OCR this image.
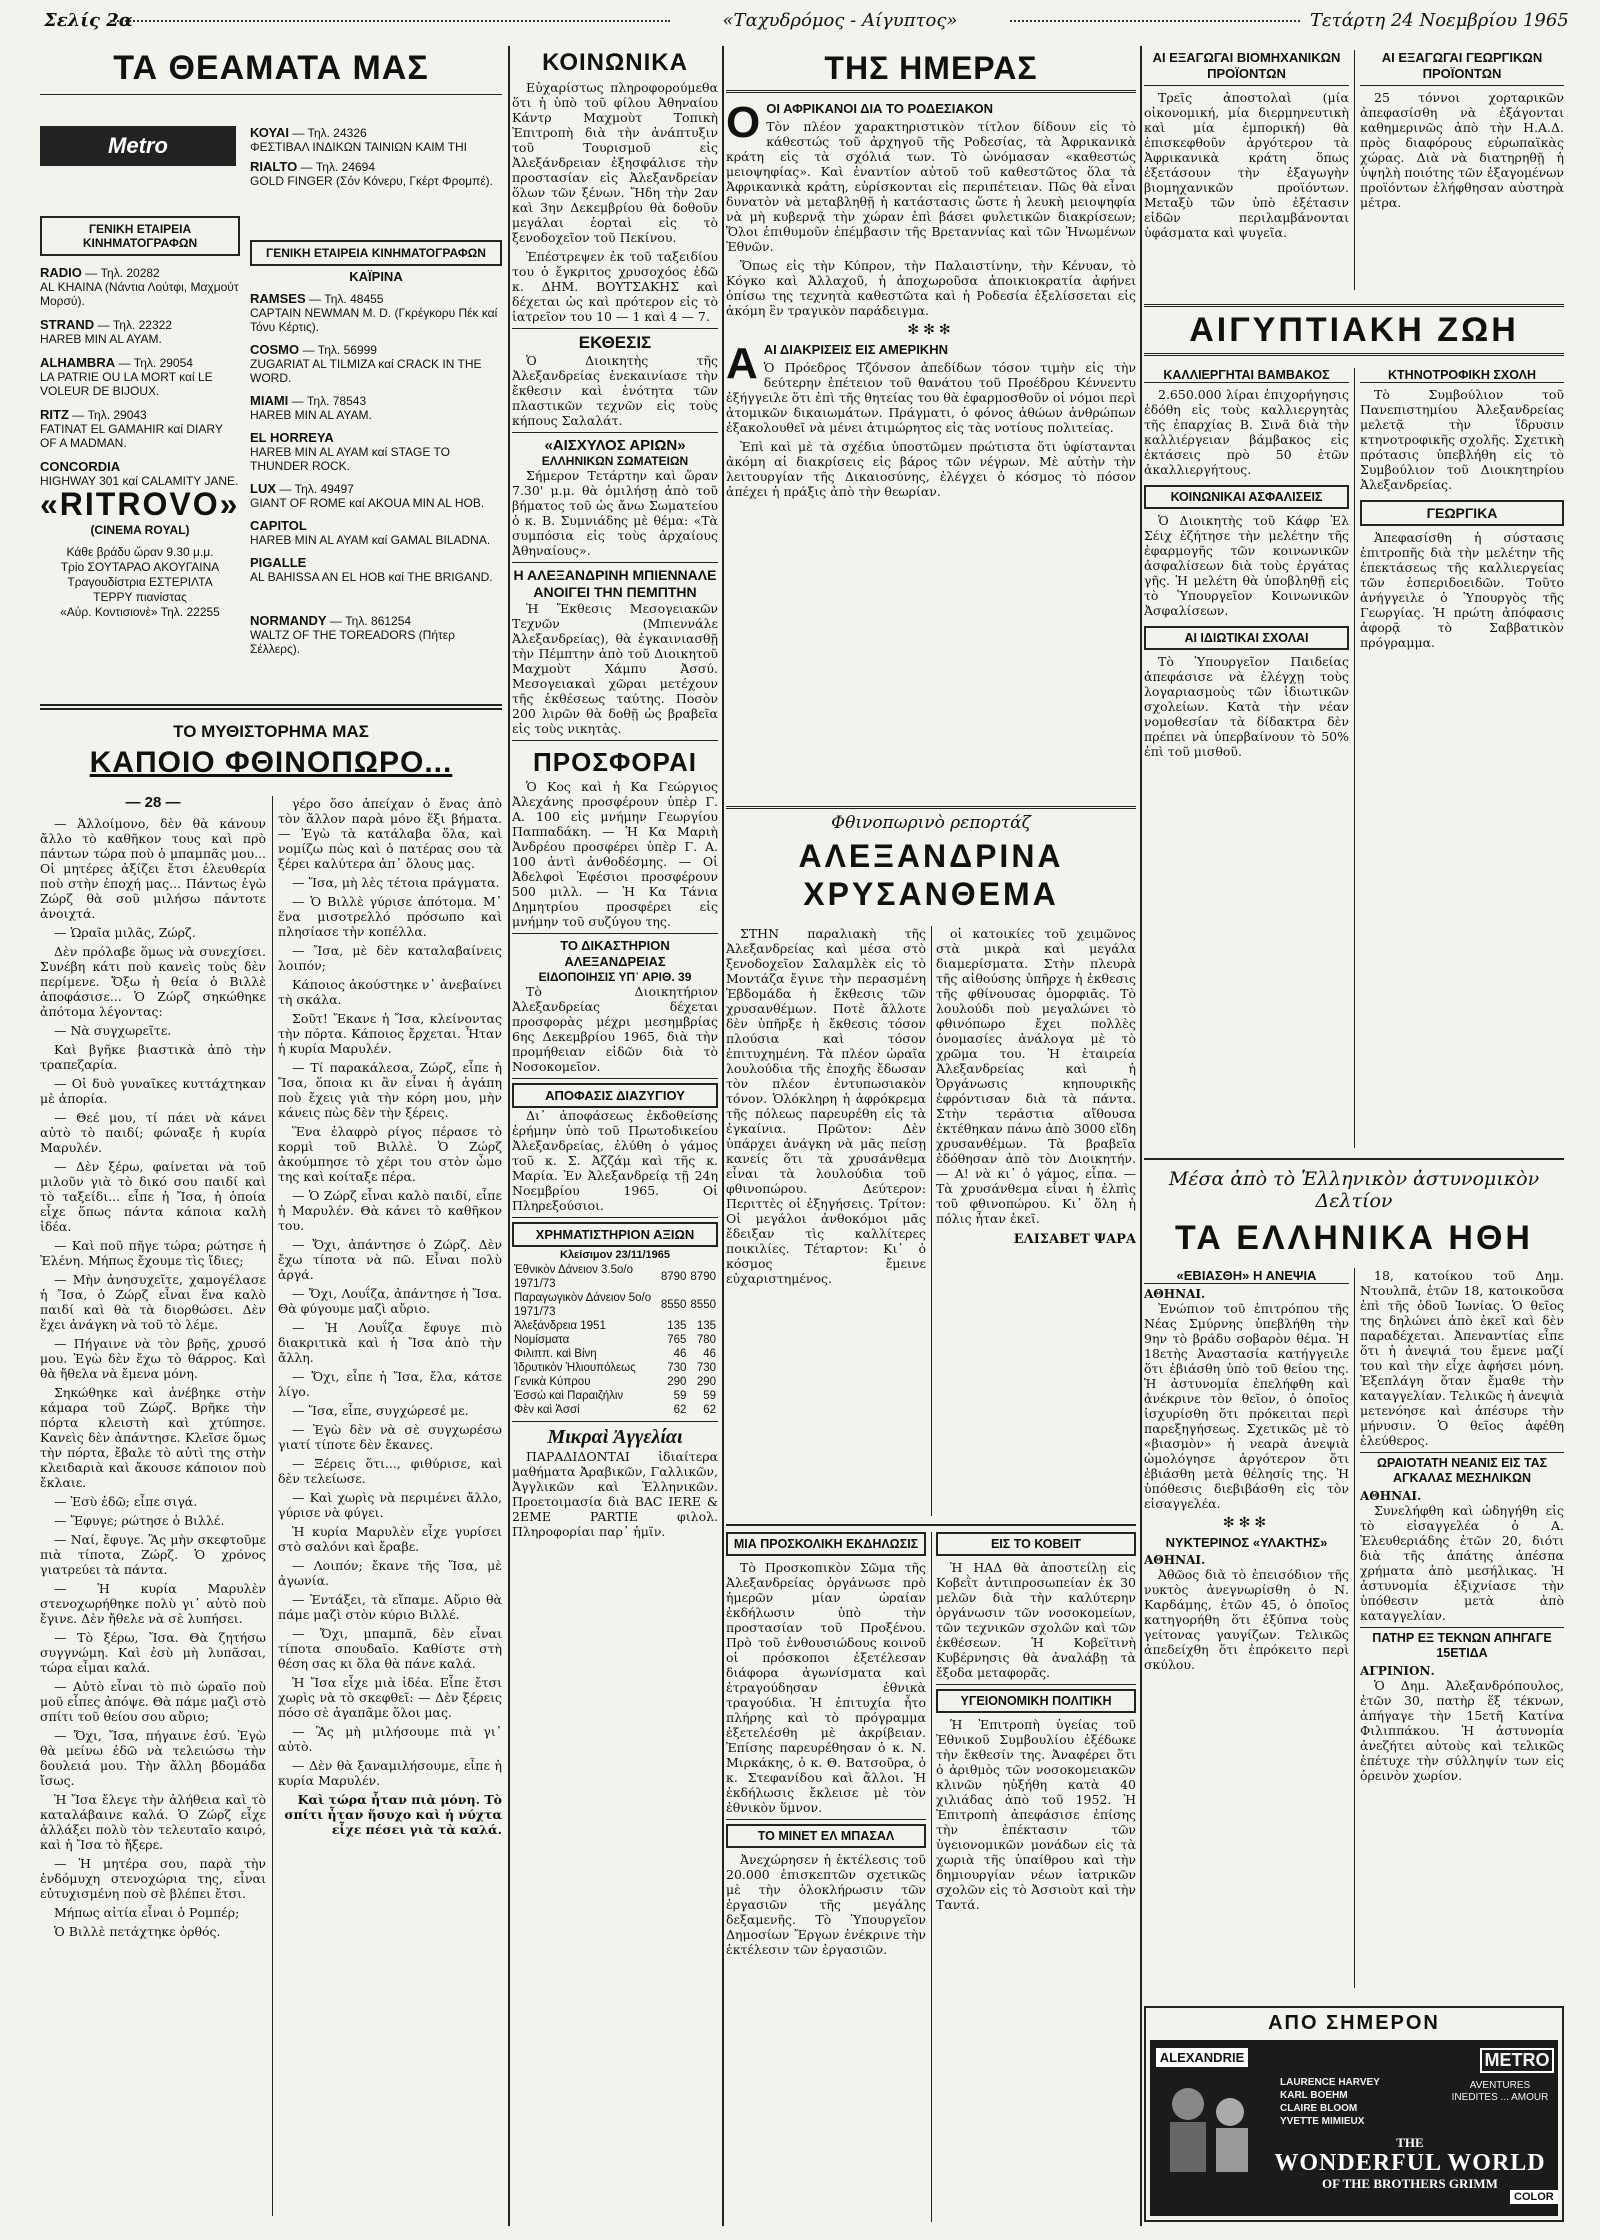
Σελίς 2α	«Ταχυδρόμος - Αίγυπτος»	Τετάρτη 24 Νοεμβρίου 1965
ΤΑ ΘΕΑΜΑΤΑ ΜΑΣ
Metro
ΚΟΥΑΙ — Τηλ. 24326
ΦΕΣΤΙΒΑΛ ΙΝΔΙΚΩΝ ΤΑΙΝΙΩΝ ΚΑΙΜ ΤΗΙ
RIALTO — Τηλ. 24694
GOLD FINGER (Σόν Κόνερυ, Γκέρτ Φρομπέ).
ΓΕΝΙΚΗ ΕΤΑΙΡΕΙΑ ΚΙΝΗΜΑΤΟΓΡΑΦΩΝ
RADIO — Τηλ. 20282
AL KHAINA (Νάντια Λούτφι, Μαχμούτ Μορσύ).
STRAND — Τηλ. 22322
HAREB MIN AL AYAM.
ALHAMBRA — Τηλ. 29054
LA PATRIE OU LA MORT καί LE VOLEUR DE BIJOUX.
RITZ — Τηλ. 29043
FATINAT EL GAMAHIR καί DIARY OF A MADMAN.
CONCORDIA
HIGHWAY 301 καί CALAMITY JANE.
ΓΕΝΙΚΗ ΕΤΑΙΡΕΙΑ ΚΙΝΗΜΑΤΟΓΡΑΦΩΝ
ΚΑΪΡΙΝΑ
RAMSES — Τηλ. 48455
CAPTAIN NEWMAN M. D. (Γκρέγκορυ Πέκ καί Τόνυ Κέρτις).
COSMO — Τηλ. 56999
ZUGARIAT AL TILMIZA καί CRACK IN THE WORD.
MIAMI — Τηλ. 78543
HAREB MIN AL AYAM.
EL HORREYA
HAREB MIN AL AYAM καί STAGE TO THUNDER ROCK.
LUX — Τηλ. 49497
GIANT OF ROME καί AKOUA MIN AL HOB.
CAPITOL
HAREB MIN AL AYAM καί GAMAL BILADNA.
PIGALLE
AL BAHISSA AN EL HOB καί THE BRIGAND.
NORMANDY — Τηλ. 861254
WALTZ OF THE TOREADORS (Πήτερ Σέλλερς).
«RITROVO»
(CINEMA ROYAL)
Κάθε βράδυ ὥραν 9.30 μ.μ.
Τρίο ΣΟΥΤΑΡΑΟ ΑΚΟΥΓΑΙΝΑ
Τραγουδίστρια ΕΣΤΕΡΙΛΤΑ
ΤΕΡΡΥ πιανίστας
«Αὐρ. Κοντισιονὲ» Τηλ. 22255
ΤΟ ΜΥΘΙΣΤΟΡΗΜΑ ΜΑΣ
ΚΑΠΟΙΟ ΦΘΙΝΟΠΩΡΟ...
— 28 —

— Ἀλλοίμονο, δὲν θὰ κάνουν ἄλλο τὸ καθῆκον τους καὶ πρὸ πάντων τώρα ποὺ ὁ μπαμπᾶς μου... Οἱ μητέρες ἀξίζει ἔτσι ἐλευθερία ποὺ στὴν ἐποχή μας... Πάντως ἐγὼ Ζώρζ θὰ σοῦ μιλήσω πάντοτε ἀνοιχτά.

— Ὡραῖα μιλᾶς, Ζώρζ.

Δὲν πρόλαβε ὅμως νὰ συνεχίσει. Συνέβη κάτι ποὺ κανεὶς τοὺς δὲν περίμενε. Ὄξω ἡ θεία ὁ Βιλλὲ ἀποφάσισε... Ὁ Ζώρζ σηκώθηκε ἀπότομα λέγοντας:

— Νὰ συγχωρεῖτε.

Καὶ βγῆκε βιαστικὰ ἀπὸ τὴν τραπεζαρία.

— Οἱ δυὸ γυναῖκες κυττάχτηκαν μὲ ἀπορία.

— Θεέ μου, τί πάει νὰ κάνει αὐτὸ τὸ παιδί; φώναξε ἡ κυρία Μαρυλέν.

— Δὲν ξέρω, φαίνεται νὰ τοῦ μιλοῦν γιὰ τὸ δικό σου παιδί καὶ τὸ ταξείδι... εἶπε ἡ Ἴσα, ἡ ὁποία εἶχε ὅπως πάντα κάποια καλὴ ἰδέα.

— Καὶ ποῦ πῆγε τώρα; ρώτησε ἡ Ἐλένη. Μήπως ἔχουμε τὶς ἴδιες;

— Μὴν ἀνησυχεῖτε, χαμογέλασε ἡ Ἴσα, ὁ Ζώρζ εἶναι ἕνα καλὸ παιδί καὶ θὰ τὰ διορθώσει. Δὲν ἔχει ἀνάγκη νὰ τοῦ τὸ λέμε.

— Πήγαινε νὰ τὸν βρῆς, χρυσό μου. Ἐγὼ δὲν ἔχω τὸ θάρρος. Καὶ θὰ ἤθελα νὰ ἔμενα μόνη.

Σηκώθηκε καὶ ἀνέβηκε στὴν κάμαρα τοῦ Ζώρζ. Βρῆκε τὴν πόρτα κλειστὴ καὶ χτύπησε. Κανεὶς δὲν ἀπάντησε. Κλεῖσε ὅμως τὴν πόρτα, ἔβαλε τὸ αὐτὶ της στὴν κλειδαριὰ καὶ ἄκουσε κάποιον ποὺ ἔκλαιε.

— Ἐσὺ ἐδῶ; εἶπε σιγά.

— Ἔφυγε; ρώτησε ὁ Βιλλέ.

— Ναί, ἔφυγε. Ἂς μὴν σκεφτοῦμε πιὰ τίποτα, Ζώρζ. Ὁ χρόνος γιατρεύει τὰ πάντα.

— Ἡ κυρία Μαρυλὲν στενοχωρήθηκε πολὺ γι᾿ αὐτὸ ποὺ ἔγινε. Δὲν ἤθελε νὰ σὲ λυπήσει.

— Τὸ ξέρω, Ἴσα. Θὰ ζητήσω συγγνώμη. Καὶ ἐσὺ μὴ λυπᾶσαι, τώρα εἶμαι καλά.

— Αὐτὸ εἶναι τὸ πιὸ ὡραῖο ποὺ μοῦ εἶπες ἀπόψε. Θὰ πάμε μαζὶ στὸ σπίτι τοῦ θείου σου αὔριο;

— Ὄχι, Ἴσα, πήγαινε ἐσύ. Ἐγὼ θὰ μείνω ἐδῶ νὰ τελειώσω τὴν δουλειά μου. Τὴν ἄλλη βδομάδα ἴσως.

Ἡ Ἴσα ἔλεγε τὴν ἀλήθεια καὶ τὸ καταλάβαινε καλά. Ὁ Ζώρζ εἶχε ἀλλάξει πολὺ τὸν τελευταῖο καιρό, καὶ ἡ Ἴσα τὸ ἤξερε.

— Ἡ μητέρα σου, παρὰ τὴν ἐνδόμυχη στενοχώρια της, εἶναι εὐτυχισμένη ποὺ σὲ βλέπει ἔτσι.

Μήπως αἰτία εἶναι ὁ Ρομπέρ;

Ὁ Βιλλὲ πετάχτηκε ὀρθός.

γέρο ὅσο ἀπείχαν ὁ ἕνας ἀπὸ τὸν ἄλλον παρὰ μόνο ἕξι βήματα. — Ἐγὼ τὰ κατάλαβα ὅλα, καὶ νομίζω πὼς καὶ ὁ πατέρας σου τὰ ξέρει καλύτερα ἀπ᾿ ὅλους μας.

— Ἴσα, μὴ λὲς τέτοια πράγματα.

— Ὁ Βιλλὲ γύρισε ἀπότομα. Μ᾿ ἕνα μισοτρελλό πρόσωπο καὶ πλησίασε τὴν κοπέλλα.

— Ἴσα, μὲ δὲν καταλαβαίνεις λοιπόν;

Κάποιος ἀκούστηκε ν᾿ ἀνεβαίνει τὴ σκάλα.

Σοῦτ! Ἔκανε ἡ Ἴσα, κλείνοντας τὴν πόρτα. Κάποιος ἔρχεται. Ἦταν ἡ κυρία Μαρυλέν.

— Τί παρακάλεσα, Ζώρζ, εἶπε ἡ Ἴσα, ὅποια κι ἂν εἶναι ἡ ἀγάπη ποὺ ἔχεις γιὰ τὴν κόρη μου, μὴν κάνεις πὼς δὲν τὴν ξέρεις.

Ἕνα ἐλαφρὸ ρίγος πέρασε τὸ κορμὶ τοῦ Βιλλὲ. Ὁ Ζώρζ ἀκούμπησε τὸ χέρι του στὸν ὦμο της καὶ κοίταξε πέρα.

— Ὁ Ζώρζ εἶναι καλὸ παιδί, εἶπε ἡ Μαρυλέν. Θὰ κάνει τὸ καθῆκον του.

— Ὄχι, ἀπάντησε ὁ Ζώρζ. Δὲν ἔχω τίποτα νὰ πῶ. Εἶναι πολὺ ἀργά.

— Ὄχι, Λουΐζα, ἀπάντησε ἡ Ἴσα. Θὰ φύγουμε μαζὶ αὔριο.

— Ἡ Λουΐζα ἔφυγε πιὸ διακριτικὰ καὶ ἡ Ἴσα ἀπὸ τὴν ἄλλη.

— Ὄχι, εἶπε ἡ Ἴσα, ἔλα, κάτσε λίγο.

— Ἴσα, εἶπε, συγχώρεσέ με.

— Ἐγὼ δὲν νὰ σὲ συγχωρέσω γιατί τίποτε δὲν ἔκανες.

— Ξέρεις ὅτι..., φιθύρισε, καὶ δὲν τελείωσε.

— Καὶ χωρὶς νὰ περιμένει ἄλλο, γύρισε νὰ φύγει.

Ἡ κυρία Μαρυλὲν εἶχε γυρίσει στὸ σαλόνι καὶ ἔραβε.

— Λοιπόν; ἔκανε τῆς Ἴσα, μὲ ἀγωνία.

— Ἐντάξει, τὰ εἴπαμε. Αὔριο θὰ πάμε μαζὶ στὸν κύριο Βιλλέ.

— Ὄχι, μπαμπᾶ, δὲν εἶναι τίποτα σπουδαῖο. Καθίστε στὴ θέση σας κι ὅλα θὰ πάνε καλά.

Ἡ Ἴσα εἶχε μιὰ ἰδέα. Εἶπε ἔτσι χωρὶς νὰ τὸ σκεφθεῖ: — Δὲν ξέρεις πόσο σὲ ἀγαπᾶμε ὅλοι μας.

— Ἂς μὴ μιλήσουμε πιὰ γι᾿ αὐτὸ.

— Δὲν θὰ ξαναμιλήσουμε, εἶπε ἡ κυρία Μαρυλέν.

Καὶ τώρα ἦταν πιὰ μόνη. Τὸ σπίτι ἦταν ἥσυχο καὶ ἡ νύχτα εἶχε πέσει γιὰ τὰ καλά.

ΚΟΙΝΩΝΙΚΑ

Εὐχαρίστως πληροφορούμεθα ὅτι ἡ ὑπὸ τοῦ φίλου Ἀθηναίου Κάντρ Μαχμοὺτ Τοπικὴ Ἐπιτροπὴ διὰ τὴν ἀνάπτυξιν τοῦ Τουρισμοῦ εἰς Ἀλεξάνδρειαν ἐξησφάλισε τὴν προστασίαν εἰς Ἀλεξανδρείαν ὅλων τῶν ξένων. Ἤδη τὴν 2αν καὶ 3ην Δεκεμβρίου θὰ δοθοῦν μεγάλαι ἐορταὶ εἰς τὸ ξενοδοχεῖον τοῦ Πεκίνου.

Ἐπέστρεψεν ἐκ τοῦ ταξειδίου του ὁ ἔγκριτος χρυσοχόος ἐδῶ κ. ΔΗΜ. ΒΟΥΤΣΑΚΗΣ καὶ δέχεται ὡς καὶ πρότερον εἰς τὸ ἱατρεῖον του 10 — 1 καὶ 4 — 7.

ΕΚΘΕΣΙΣ

Ὁ Διοικητὴς τῆς Ἀλεξανδρείας ἐνεκαινίασε τὴν ἔκθεσιν καὶ ἑνότητα τῶν πλαστικῶν τεχνῶν εἰς τοὺς κήπους Σαλαλάτ.

«ΑΙΣΧΥΛΟΣ ΑΡΙΩΝ»
ΕΛΛΗΝΙΚΩΝ ΣΩΜΑΤΕΙΩΝ

Σήμερον Τετάρτην καὶ ὥραν 7.30' μ.μ. θὰ ὁμιλήσῃ ἀπὸ τοῦ βήματος τοῦ ὡς ἄνω Σωματείου ὁ κ. Β. Συμνιάδης μὲ θέμα: «Τὰ συμπόσια εἰς τοὺς ἀρχαίους Ἀθηναίους».

Η ΑΛΕΞΑΝΔΡΙΝΗ ΜΠΙΕΝΝΑΛΕ ΑΝΟΙΓΕΙ ΤΗΝ ΠΕΜΠΤΗΝ

Ἡ Ἔκθεσις Μεσογειακῶν Τεχνῶν (Μπιεννάλε Ἀλεξανδρείας), θὰ ἐγκαινιασθῇ τὴν Πέμπτην ἀπὸ τοῦ Διοικητοῦ Μαχμοὺτ Χάμπυ Ἀσσύ. Μεσογειακαὶ χῶραι μετέχουν τῆς ἐκθέσεως ταύτης. Ποσὸν 200 λιρῶν θὰ δοθῇ ὡς βραβεῖα εἰς τοὺς νικητὰς.

ΠΡΟΣΦΟΡΑΙ

Ὁ Κος καὶ ἡ Κα Γεώργιος Ἀλεχάνης προσφέρουν ὑπὲρ Γ. Α. 100 εἰς μνήμην Γεωργίου Παππαδάκη. — Ἡ Κα Μαριὴ Ἀνδρέου προσφέρει ὑπὲρ Γ. Α. 100 ἀντὶ ἀνθοδέσμης. — Οἱ Ἀδελφοὶ Ἐφέσιοι προσφέρουν 500 μιλλ. — Ἡ Κα Τάνια Δημητρίου προσφέρει εἰς μνήμην τοῦ συζύγου της.

ΤΟ ΔΙΚΑΣΤΗΡΙΟΝ ΑΛΕΞΑΝΔΡΕΙΑΣ
ΕΙΔΟΠΟΙΗΣΙΣ ΥΠ᾿ ΑΡΙΘ. 39

Τὸ Διοικητήριον Ἀλεξανδρείας δέχεται προσφορὰς μέχρι μεσημβρίας 6ης Δεκεμβρίου 1965, διὰ τὴν προμήθειαν εἰδῶν διὰ τὸ Νοσοκομεῖον.

ΑΠΟΦΑΣΙΣ ΔΙΑΖΥΓΙΟΥ

Δι᾿ ἀποφάσεως ἐκδοθείσης ἐρήμην ὑπὸ τοῦ Πρωτοδικείου Ἀλεξανδρείας, ἐλύθη ὁ γάμος τοῦ κ. Σ. Ἀζζάμ καὶ τῆς κ. Μαρία. Ἐν Ἀλεξανδρείᾳ τῇ 24η Νοεμβρίου 1965. Οἱ Πληρεξούσιοι.

ΧΡΗΜΑΤΙΣΤΗΡΙΟΝ ΑΞΙΩΝ
Κλείσιμον 23/11/1965
Ἐθνικὸν Δάνειον 3.5ο/ο 1971/73	8790	8790
Παραγωγικὸν Δάνειον 5ο/ο 1971/73	8550	8550
Ἀλεξάνδρεια 1951	135	135
Νομίσματα	765	780
Φιλιππ. καὶ Βίνη	46	46
Ἰδρυτικὸν Ἡλιουπόλεως	730	730
Γενικὰ Κύπρου	290	290
Ἐσσώ καὶ Παραιζήλιν	59	59
Φὲν καὶ Ἀσσί	62	62
Μικραὶ Ἀγγελίαι

ΠΑΡΑΔΙΔΟΝΤΑΙ ἰδιαίτερα μαθήματα Ἀραβικῶν, Γαλλικῶν, Ἀγγλικῶν καὶ Ἑλληνικῶν. Προετοιμασία διὰ BAC IERE & 2EME PARTIE φιλολ. Πληροφορίαι παρ᾿ ἡμῖν.

ΤΗΣ ΗΜΕΡΑΣ
Ο ΟΙ ΑΦΡΙΚΑΝΟΙ ΔΙΑ ΤΟ ΡΟΔΕΣΙΑΚΟΝ

Τὸν πλέον χαρακτηριστικὸν τίτλον δίδουν εἰς τὸ κάθεστώς τοῦ ἀρχηγοῦ τῆς Ροδεσίας, τὰ Ἀφρικανικὰ κράτη εἰς τὰ σχόλιά των. Τὸ ὠνόμασαν «καθεστώς μειοψηφίας». Καὶ ἐναντίον αὐτοῦ τοῦ καθεστῶτος ὅλα τὰ Ἀφρικανικὰ κράτη, εὑρίσκονται εἰς περιπέτειαν. Πῶς θὰ εἶναι δυνατὸν νὰ μεταβληθῇ ἡ κατάστασις ὥστε ἡ λευκὴ μειοψηφία νὰ μὴ κυβερνᾷ τὴν χώραν ἐπὶ βάσει φυλετικῶν διακρίσεων; Ὅλοι ἐπιθυμοῦν ἐπέμβασιν τῆς Βρεταννίας καὶ τῶν Ἡνωμένων Ἐθνῶν.

Ὅπως εἰς τὴν Κύπρον, τὴν Παλαιστίνην, τὴν Κένυαν, τὸ Κόγκο καὶ Ἀλλαχοῦ, ἡ ἀποχωροῦσα ἀποικιοκρατία ἀφήνει ὀπίσω της τεχνητὰ καθεστῶτα καὶ ἡ Ροδεσία ἐξελίσσεται εἰς ἀκόμη ἓν τραγικὸν παράδειγμα.

✻✻✻
Α ΑΙ ΔΙΑΚΡΙΣΕΙΣ ΕΙΣ ΑΜΕΡΙΚΗΝ

Ὁ Πρόεδρος Τζόνσον ἀπεδίδων τόσον τιμὴν εἰς τὴν δεύτερην ἐπέτειον τοῦ θανάτου τοῦ Προέδρου Κέννεντυ ἐξήγγειλε ὅτι ἐπὶ τῆς θητείας του θὰ ἐφαρμοσθοῦν οἱ νόμοι περὶ ἀτομικῶν δικαιωμάτων. Πράγματι, ὁ φόνος ἀθώων ἀνθρώπων ἐξακολουθεῖ νὰ μένει ἀτιμώρητος εἰς τὰς νοτίους πολιτείας.

Ἐπὶ καὶ μὲ τὰ σχέδια ὑποστῶμεν πρώτιστα ὅτι ὑφίστανται ἀκόμη αἱ διακρίσεις εἰς βάρος τῶν νέγρων. Μὲ αὐτὴν τὴν λειτουργίαν τῆς Δικαιοσύνης, ἐλέγχει ὁ κόσμος τὸ πόσον ἀπέχει ἡ πράξις ἀπὸ τὴν θεωρίαν.

Φθινοπωρινὸ ρεπορτάζ
ΑΛΕΞΑΝΔΡΙΝΑ ΧΡΥΣΑΝΘΕΜΑ

ΣΤΗΝ παραλιακὴ τῆς Ἀλεξανδρείας καὶ μέσα στὸ ξενοδοχεῖον Σαλαμλὲκ εἰς τὸ Μοντάζα ἔγινε τὴν περασμένη Ἑβδομάδα ἡ ἔκθεσις τῶν χρυσανθέμων. Ποτὲ ἄλλοτε δὲν ὑπῆρξε ἡ ἔκθεσις τόσον πλούσια καὶ τόσον ἐπιτυχημένη. Τὰ πλέον ὡραῖα λουλούδια τῆς ἐποχῆς ἔδωσαν τὸν πλέον ἐντυπωσιακὸν τόνον. Ὁλόκληρη ἡ ἀφρόκρεμα τῆς πόλεως παρευρέθη εἰς τὰ ἐγκαίνια. Πρῶτον: Δὲν ὑπάρχει ἀνάγκη νὰ μᾶς πείσῃ κανείς ὅτι τὰ χρυσάνθεμα εἶναι τὰ λουλούδια τοῦ φθινοπώρου. Δεύτερον: Περιττὲς οἱ ἐξηγήσεις. Τρίτον: Οἱ μεγάλοι ἀνθοκόμοι μᾶς ἔδειξαν τὶς καλλίτερες ποικιλίες. Τέταρτον: Κι᾿ ὁ κόσμος ἔμεινε εὐχαριστημένος.

οἱ κατοικίες τοῦ χειμῶνος στὰ μικρὰ καὶ μεγάλα διαμερίσματα. Στὴν πλευρὰ τῆς αἰθούσης ὑπῆρχε ἡ ἐκθεσις τῆς φθίνουσας ὀμορφιᾶς. Τὸ λουλούδι ποὺ μεγαλώνει τὸ φθινόπωρο ἔχει πολλὲς ὀνομασίες ἀνάλογα μὲ τὸ χρῶμα του. Ἡ ἑταιρεία Ἀλεξανδρείας καὶ ἡ Ὀργάνωσις κηπουρικῆς ἐφρόντισαν διὰ τὰ πάντα. Στὴν τεράστια αἴθουσα ἐκτέθηκαν πάνω ἀπὸ 3000 εἴδη χρυσανθέμων. Τὰ βραβεῖα ἐδόθησαν ἀπὸ τὸν Διοικητήν. — Α! νὰ κι᾿ ὁ γάμος, εἶπα. — Τὰ χρυσάνθεμα εἶναι ἡ ἐλπὶς τοῦ φθινοπώρου. Κι᾿ ὅλη ἡ πόλις ἦταν ἐκεῖ.

ΕΛΙΣΑΒΕΤ ΨΑΡΑ
ΜΙΑ ΠΡΟΣΚΟΛΙΚΗ ΕΚΔΗΛΩΣΙΣ

Τὸ Προσκοπικὸν Σῶμα τῆς Ἀλεξανδρείας ὀργάνωσε πρὸ ἡμερῶν μίαν ὡραίαν ἐκδήλωσιν ὑπὸ τὴν προστασίαν τοῦ Προξένου. Πρὸ τοῦ ἐνθουσιώδους κοινοῦ οἱ πρόσκοποι ἐξετέλεσαν διάφορα ἀγωνίσματα καὶ ἐτραγούδησαν ἐθνικὰ τραγούδια. Ἡ ἐπιτυχία ἦτο πλήρης καὶ τὸ πρόγραμμα ἐξετελέσθη μὲ ἀκρίβειαν. Ἐπίσης παρευρέθησαν ὁ κ. Ν. Μιρκάκης, ὁ κ. Θ. Βατσοῦρα, ὁ κ. Στεφανίδου καὶ ἄλλοι. Ἡ ἐκδήλωσις ἔκλεισε μὲ τὸν ἐθνικὸν ὕμνον.

ΤΟ ΜΙΝΕΤ ΕΛ ΜΠΑΣΑΛ

Ἀνεχώρησεν ἡ ἐκτέλεσις τοῦ 20.000 ἐπισκεπτῶν σχετικῶς μὲ τὴν ὁλοκλήρωσιν τῶν ἐργασιῶν τῆς μεγάλης δεξαμενῆς. Τὸ Ὑπουργεῖον Δημοσίων Ἔργων ἐνέκρινε τὴν ἐκτέλεσιν τῶν ἐργασιῶν.

ΕΙΣ ΤΟ ΚΟΒΕΙΤ

Ἡ ΗΑΔ θὰ ἀποστείλῃ εἰς Κοβεῒτ ἀντιπροσωπείαν ἐκ 30 μελῶν διὰ τὴν καλύτερην ὀργάνωσιν τῶν νοσοκομείων, τῶν τεχνικῶν σχολῶν καὶ τῶν ἐκθέσεων. Ἡ Κοβεϊτινὴ Κυβέρνησις θὰ ἀναλάβῃ τὰ ἔξοδα μεταφορᾶς.

ΥΓΕΙΟΝΟΜΙΚΗ ΠΟΛΙΤΙΚΗ

Ἡ Ἐπιτροπὴ ὑγείας τοῦ Ἐθνικοῦ Συμβουλίου ἐξέδωκε τὴν ἔκθεσίν της. Ἀναφέρει ὅτι ὁ ἀριθμὸς τῶν νοσοκομειακῶν κλινῶν ηὐξήθη κατὰ 40 χιλιάδας ἀπὸ τοῦ 1952. Ἡ Ἐπιτροπὴ ἀπεφάσισε ἐπίσης τὴν ἐπέκτασιν τῶν ὑγειονομικῶν μονάδων εἰς τὰ χωριὰ τῆς ὑπαίθρου καὶ τὴν δημιουργίαν νέων ἰατρικῶν σχολῶν εἰς τὸ Ἀσσιοὺτ καὶ τὴν Ταντά.

ΑΙ ΕΞΑΓΩΓΑΙ ΒΙΟΜΗΧΑΝΙΚΩΝ ΠΡΟΪΟΝΤΩΝ

Τρεῖς ἀποστολαὶ (μία οἰκονομική, μία διερμηνευτικὴ καὶ μία ἐμπορική) θὰ ἐπισκεφθοῦν ἀργότερον τὰ Ἀφρικανικὰ κράτη ὅπως ἐξετάσουν τὴν ἐξαγωγὴν βιομηχανικῶν προϊόντων. Μεταξὺ τῶν ὑπὸ ἐξέτασιν εἰδῶν περιλαμβάνονται ὑφάσματα καὶ ψυγεῖα.

ΑΙ ΕΞΑΓΩΓΑΙ ΓΕΩΡΓΙΚΩΝ ΠΡΟΪΟΝΤΩΝ

25 τόννοι χορταρικῶν ἀπεφασίσθη νὰ ἐξάγονται καθημερινῶς ἀπὸ τὴν Η.Α.Δ. πρὸς διαφόρους εὐρωπαϊκὰς χώρας. Διὰ νὰ διατηρηθῇ ἡ ὑψηλὴ ποιότης τῶν ἐξαγομένων προϊόντων ἐλήφθησαν αὐστηρὰ μέτρα.

ΑΙΓΥΠΤΙΑΚΗ ΖΩΗ
ΚΑΛΛΙΕΡΓΗΤΑΙ ΒΑΜΒΑΚΟΣ

2.650.000 λίραι ἐπιχορήγησις ἐδόθη εἰς τοὺς καλλιεργητὰς τῆς ἐπαρχίας Β. Σινᾶ διὰ τὴν καλλιέργειαν βάμβακος εἰς ἐκτάσεις πρὸ 50 ἐτῶν ἀκαλλιεργήτους.

ΚΟΙΝΩΝΙΚΑΙ ΑΣΦΑΛΙΣΕΙΣ

Ὁ Διοικητὴς τοῦ Κάφρ Ἐλ Σέιχ ἐζήτησε τὴν μελέτην τῆς ἐφαρμογῆς τῶν κοινωνικῶν ἀσφαλίσεων διὰ τοὺς ἐργάτας γῆς. Ἡ μελέτη θὰ ὑποβληθῇ εἰς τὸ Ὑπουργεῖον Κοινωνικῶν Ἀσφαλίσεων.

ΑΙ ΙΔΙΩΤΙΚΑΙ ΣΧΟΛΑΙ

Τὸ Ὑπουργεῖον Παιδείας ἀπεφάσισε νὰ ἐλέγχῃ τοὺς λογαριασμοὺς τῶν ἰδιωτικῶν σχολείων. Κατὰ τὴν νέαν νομοθεσίαν τὰ δίδακτρα δὲν πρέπει νὰ ὑπερβαίνουν τὸ 50% ἐπὶ τοῦ μισθοῦ.

ΚΤΗΝΟΤΡΟΦΙΚΗ ΣΧΟΛΗ

Τὸ Συμβούλιον τοῦ Πανεπιστημίου Ἀλεξανδρείας μελετᾷ τὴν ἵδρυσιν κτηνοτροφικῆς σχολῆς. Σχετικὴ πρότασις ὑπεβλήθη εἰς τὸ Συμβούλιον τοῦ Διοικητηρίου Ἀλεξανδρείας.

ΓΕΩΡΓΙΚΑ

Ἀπεφασίσθη ἡ σύστασις ἐπιτροπῆς διὰ τὴν μελέτην τῆς ἐπεκτάσεως τῆς καλλιεργείας τῶν ἐσπεριδοειδῶν. Τοῦτο ἀνήγγειλε ὁ Ὑπουργὸς τῆς Γεωργίας. Ἡ πρώτη ἀπόφασις ἀφορᾷ τὸ Σαββατικὸν πρόγραμμα.

Μέσα ἀπὸ τὸ Ἑλληνικὸν ἀστυνομικὸν Δελτίον
ΤΑ ΕΛΛΗΝΙΚΑ ΗΘΗ
«ΕΒΙΑΣΘΗ» Η ΑΝΕΨΙΑ
ΑΘΗΝΑΙ.

Ἐνώπιον τοῦ ἐπιτρόπου τῆς Νέας Σμύρνης ὑπεβλήθη τὴν 9ην τὸ βράδυ σοβαρὸν θέμα. Ἡ 18ετὴς Ἀναστασία κατήγγειλε ὅτι ἐβιάσθη ὑπὸ τοῦ θείου της. Ἡ ἀστυνομία ἐπελήφθη καὶ ἀνέκρινε τὸν θεῖον, ὁ ὁποῖος ἰσχυρίσθη ὅτι πρόκειται περὶ παρεξηγήσεως. Σχετικῶς μὲ τὸ «βιασμὸν» ἡ νεαρὰ ἀνεψιὰ ὡμολόγησε ἀργότερον ὅτι ἐβιάσθη μετὰ θέλησίς της. Ἡ ὑπόθεσις διεβιβάσθη εἰς τὸν εἰσαγγελέα.

✻✻✻
ΝΥΚΤΕΡΙΝΟΣ «ΥΛΑΚΤΗΣ»
ΑΘΗΝΑΙ.

Ἀθῶος διὰ τὸ ἐπεισόδιον τῆς νυκτὸς ἀνεγνωρίσθη ὁ Ν. Καρδάμης, ἐτῶν 45, ὁ ὁποῖος κατηγορήθη ὅτι ἐξύπνα τοὺς γείτονας γαυγίζων. Τελικῶς ἀπεδείχθη ὅτι ἐπρόκειτο περὶ σκύλου.

18, κατοίκου τοῦ Δημ. Ντουλπᾶ, ἐτῶν 18, κατοικοῦσα ἐπὶ τῆς ὁδοῦ Ἰωνίας. Ὁ θεῖος της δηλώνει ἀπὸ ἐκεῖ καὶ δὲν παραδέχεται. Ἀπεναντίας εἶπε ὅτι ἡ ἀνεψιά του ἔμενε μαζί του καὶ τὴν εἶχε ἀφήσει μόνη. Ἐξεπλάγη ὅταν ἔμαθε τὴν καταγγελίαν. Τελικῶς ἡ ἀνεψιὰ μετενόησε καὶ ἀπέσυρε τὴν μήνυσιν. Ὁ θεῖος ἀφέθη ἐλεύθερος.

ΩΡΑΙΟΤΑΤΗ ΝΕΑΝΙΣ ΕΙΣ ΤΑΣ ΑΓΚΑΛΑΣ ΜΕΣΗΛΙΚΩΝ
ΑΘΗΝΑΙ.

Συνελήφθη καὶ ὠδηγήθη εἰς τὸ εἰσαγγελέα ὁ Α. Ἐλευθεριάδης ἐτῶν 20, διότι διὰ τῆς ἀπάτης ἀπέσπα χρήματα ἀπὸ μεσήλικας. Ἡ ἀστυνομία ἐξιχνίασε τὴν ὑπόθεσιν μετὰ ἀπὸ καταγγελίαν.

ΠΑΤΗΡ ΕΞ ΤΕΚΝΩΝ ΑΠΗΓΑΓΕ 15ΕΤΙΔΑ
ΑΓΡΙΝΙΟΝ.

Ὁ Δημ. Ἀλεξανδρόπουλος, ἐτῶν 30, πατὴρ ἕξ τέκνων, ἀπήγαγε τὴν 15ετῆ Κατίνα Φιλιππάκου. Ἡ ἀστυνομία ἀνεζήτει αὐτοὺς καὶ τελικῶς ἐπέτυχε τὴν σύλληψίν των εἰς ὀρεινὸν χωρίον.

ΑΠΟ ΣΗΜΕΡΟΝ
ALEXANDRIE	METRO
AVENTURES INEDITES ... AMOUR
LAURENCE HARVEY
KARL BOEHM
CLAIRE BLOOM
YVETTE MIMIEUX
THE
WONDERFUL WORLD
OF THE BROTHERS GRIMM
COLOR
